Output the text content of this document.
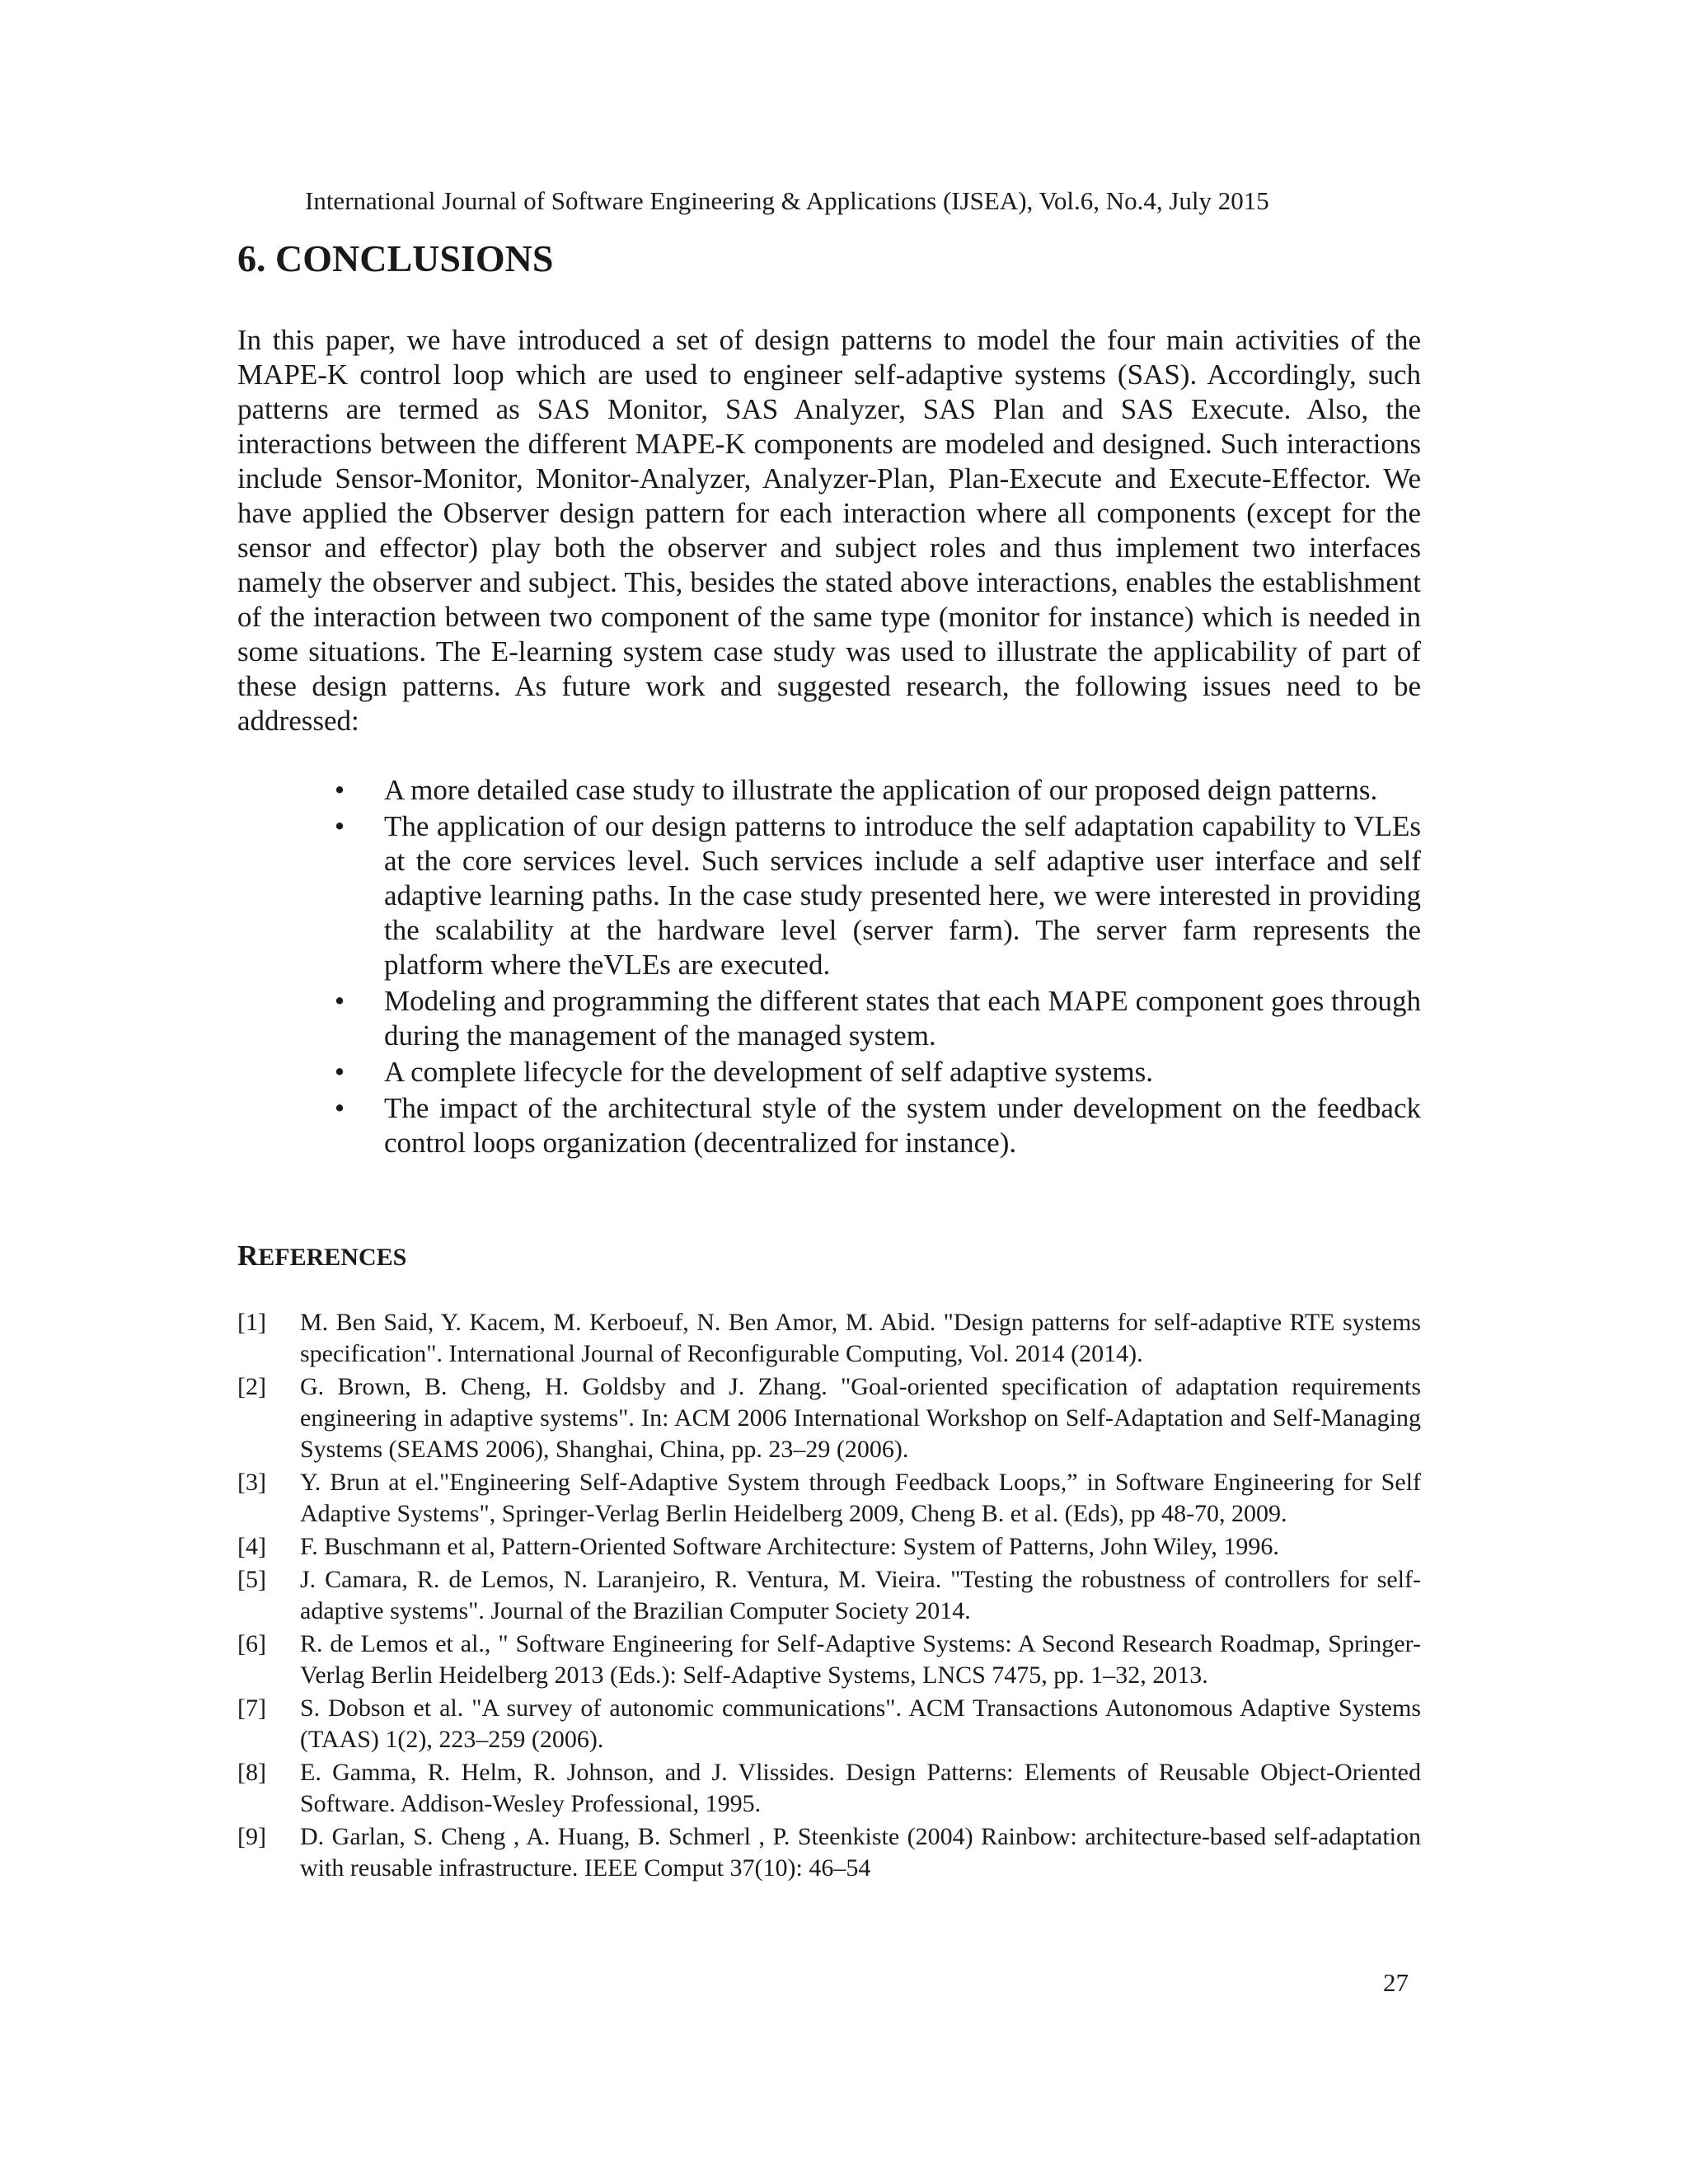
International Journal of Software Engineering & Applications (IJSEA), Vol.6, No.4, July 2015
6. CONCLUSIONS

In this paper, we have introduced a set of design patterns to model the four main activities of the MAPE-K control loop which are used to engineer self-adaptive systems (SAS). Accordingly, such patterns are termed as SAS Monitor, SAS Analyzer, SAS Plan and SAS Execute. Also, the interactions between the different MAPE-K components are modeled and designed. Such interactions include Sensor-Monitor, Monitor-Analyzer, Analyzer-Plan, Plan-Execute and Execute-Effector. We have applied the Observer design pattern for each interaction where all components (except for the sensor and effector) play both the observer and subject roles and thus implement two interfaces namely the observer and subject. This, besides the stated above interactions, enables the establishment of the interaction between two component of the same type (monitor for instance) which is needed in some situations. The E-learning system case study was used to illustrate the applicability of part of these design patterns. As future work and suggested research, the following issues need to be addressed:

• A more detailed case study to illustrate the application of our proposed deign patterns.
• The application of our design patterns to introduce the self adaptation capability to VLEs at the core services level. Such services include a self adaptive user interface and self adaptive learning paths. In the case study presented here, we were interested in providing the scalability at the hardware level (server farm). The server farm represents the platform where theVLEs are executed.
• Modeling and programming the different states that each MAPE component goes through during the management of the managed system.
• A complete lifecycle for the development of self adaptive systems.
• The impact of the architectural style of the system under development on the feedback control loops organization (decentralized for instance).
REFERENCES
[1] M. Ben Said, Y. Kacem, M. Kerboeuf, N. Ben Amor, M. Abid. "Design patterns for self-adaptive RTE systems specification". International Journal of Reconfigurable Computing, Vol. 2014 (2014).
[2] G. Brown, B. Cheng, H. Goldsby and J. Zhang. "Goal-oriented specification of adaptation requirements engineering in adaptive systems". In: ACM 2006 International Workshop on Self-Adaptation and Self-Managing Systems (SEAMS 2006), Shanghai, China, pp. 23–29 (2006).
[3] Y. Brun at el."Engineering Self-Adaptive System through Feedback Loops,” in Software Engineering for Self Adaptive Systems", Springer-Verlag Berlin Heidelberg 2009, Cheng B. et al. (Eds), pp 48-70, 2009.
[4] F. Buschmann et al, Pattern-Oriented Software Architecture: System of Patterns, John Wiley, 1996.
[5] J. Camara, R. de Lemos, N. Laranjeiro, R. Ventura, M. Vieira. "Testing the robustness of controllers for self-adaptive systems". Journal of the Brazilian Computer Society 2014.
[6] R. de Lemos et al., " Software Engineering for Self-Adaptive Systems: A Second Research Roadmap, Springer-Verlag Berlin Heidelberg 2013 (Eds.): Self-Adaptive Systems, LNCS 7475, pp. 1–32, 2013.
[7] S. Dobson et al. "A survey of autonomic communications". ACM Transactions Autonomous Adaptive Systems (TAAS) 1(2), 223–259 (2006).
[8] E. Gamma, R. Helm, R. Johnson, and J. Vlissides. Design Patterns: Elements of Reusable Object-Oriented Software. Addison-Wesley Professional, 1995.
[9] D. Garlan, S. Cheng , A. Huang, B. Schmerl , P. Steenkiste (2004) Rainbow: architecture-based self-adaptation with reusable infrastructure. IEEE Comput 37(10): 46–54
27
